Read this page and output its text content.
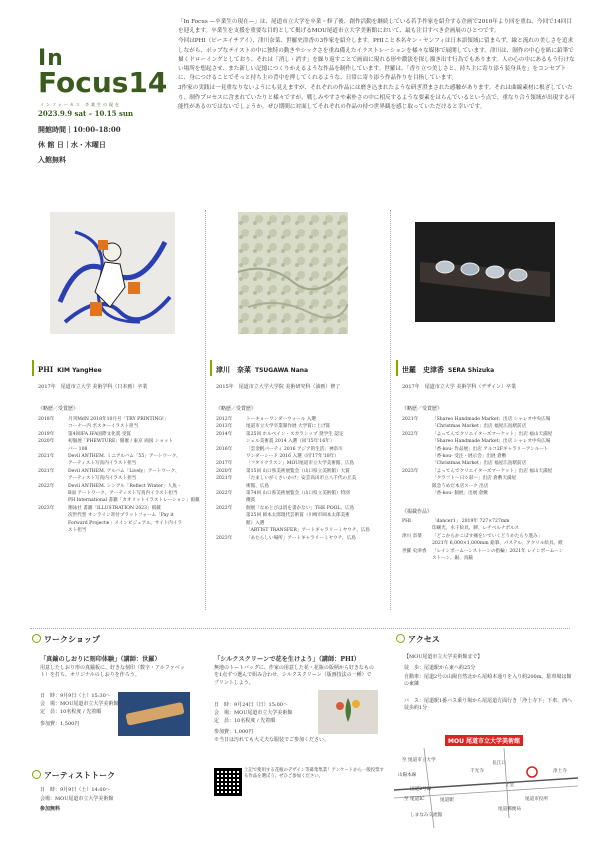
In
Focus14
インフォーカス 卒業生の現在
2023.9.9 sat – 10.15 sun
開館時間｜10:00–18:00
休 館 日｜水・木曜日
入館無料

「In Focus —卒業生の現在—」は、尾道市立大学を卒業・修了後、創作活動を継続している若手作家を紹介する企画で2010年より回を重ね、今回で14回目を迎えます。卒業生を支援を重要な目的として掲げるMOU尾道市立大学美術館において、最も注目すべき企画展のひとつです。

今回はPHI（ピーエイチアイ）、津川奈菜、世羅史津香の3作家を紹介します。PHIこと本名キン・ヤンフィは日本語領域に留まらず、線と流れの美しさを追求しながら、ポップなテイストの中に独特の動きやシックさを重ね備えたイラストレーションを様々な媒体で展開しています。津川は、制作の中心を紙に鉛筆で描くドローイングとしており、それは「消し・消す」を繰り返すことで画面に現れる形や濃淡を探し描き出す行為でもあります。人の心の中にあるもう行けない場所を想起させ、また新しい記憶につくりかえるような作品を制作しています。世羅は、「香り立つ美しさと、持ち主に寄り添う装身具を」をコンセプトに、身につけることでそっと持ち主の背中を押してくれるような、日常に寄り添う作品作りを目指しています。

3作家の実践は一見重なりないようにも見えますが、それぞれの作品には磨き込まれたような研ぎ澄まされた感触があります。それは曲線素材に根ざしていたり、制作プロセスに含まれていたりと様々ですが、戦しみやすさや素朴さの中に相反するような要素をはらんでいるという点で、重なり合う領域が出現する可能性があるのではないでしょうか。ぜひ期間に対面してそれぞれの作品の持つ世界観を感じ取っていただけると幸いです。

PHI KIM YangHee
2017年　尾道市立大学 美術学科（日本画）卒業
《略歴／受賞歴》
2018年	月刊MdN 2018年10月号「TRY PRINTING!」
	コーナー内 ポスターイラスト担当
2019年	第4回IFA IFA国際文化賞 受賞
2020年	初個展「PHEWTURE」開催 / 東京 両国 ショット
	バー 108
2021年	Devil ANTHEM. ミニアルバム「55」アートワーク、
	アーティスト写真内イラスト担当
2021年	Devil ANTHEM. アルバム「Lively」アートワーク、
	アーティスト写真内イラスト担当
2022年	Devil ANTHEM. シングル「Reflect Winter」人魚・
	B面 アートワーク、アーティスト写真内イラスト担当
	PH International 書籍「カオリットイラストレーション」掲載
2023年	翔泳社 書籍「ILLUSTRATION 2023」掲載
	次世代型 オンライン寄付プラットフォーム「Pay it
	Forward Project※」メインビジュアル、サイト内イラ
	スト担当
津川　奈菜 TSUGAWA Nana
2015年　尾道市立大学大学院 美術研究科（油画）修了
《略歴／受賞歴》
2012年	トーキョーワンダーウォール 入選
2013年	尾道市立大学卒業制作展 大学賞に上げ賞
2014年	第25回 ホルベイン・スカラシップ 奨学生 認定
	シェル美術賞 2014 入選（同'15年'16年）
2016年	「雲金帆パーティ 2016 アジア的生活」神奈川
	ワンダーシード 2016 入選（同'17年'18年）
2017年	「フタリクラスン」MOU尾道市立大学美術館、広島
2020年	第15回 山口県美術展覧会（山口県立美術館）大賞
2021年	「たましいがくさいかけ」安芸高田市立八千代の丘美
	術館、広島
2022年	第74回 山口県美術展覧会（山口県立美術館）特別
	優賞
2022年	個展「なめとびは消を書かない」THE POOL、広島
	第25回 岡本太郎現代芸術賞（川崎市岡本太郎美術
	館）入選
	「ARTIST TRANSFER」アートギャラリーミヤウチ、広島
2023年	「あたらしい場所」アートギャラリーミヤウチ、広島
世羅　史津香 SERA Shizuka
2017年　尾道市立大学 美術学科（デザイン）卒業
《略歴／受賞歴》
2021年	「Shareo Handmade Market」出店 シャレオ中央広場
	「Christmas Market」出店 福屋広島駅前店
2022年	「よってんでクリエイターズマーケット」出店 福山天満屋
	「Shareo Handmade Market」出店 シャレオ中央広場
	「香-kou- 作品展」出店 アルコ2Fギャラリーアンルート
	「香-kou- 受注・展示会」出展 倉敷
	「Christmas Market」出店 福屋広島駅前店
2023年	「よってんでクリエイターズマーケット」出店 福山天満屋
	「クラフト～日々彩～」出店 倉敷天満屋
	阪急うめだ本店スーク 出店
	「香-kou- 個展」出展 倉敷
《掲載作品》
PHI	「dancer1」 2019年 727×727mm
	印刷光、水干絵具、膠、レチベルナポルス
津川 奈菜	「どこからかこぼす痛をいでいくどうかたらり進み」
	2021年 6,000×1,000mm 鉛筆、パステル、アクリル絵具、紙
世羅 史津香	「レインボームーンストーンの指輪」2021年 レインボームーン
	ストーン、銀、真鍮
ワークショップ
「真鍮のしおりに刻印体験」（講師：世羅）
用意したしおり形の真鍮板に、好きな刻印（数字・アルファベット）を打ち、オリジナルのしおりを作ろう。
日　時：9月9日（土）15:30～
会　場：MOU尾道市立大学美術館
定　員：10名程度 / 先着順
参加費：1,500円
「シルクスクリーンで花を生けよう」（講師：PHI）
無地のトートバッグに、作家の用意した花・花瓶の版柄から好きなものを1点ずつ選んで組み合わせ、シルクスクリーン（版画技法の一種）でプリントしよう。
日　時：9月24日（日）15:00～
会　場：MOU尾道市立大学美術館
定　員：10名程度 / 先着順
参加費：1,000円
※当日は汚れても大丈夫な服装でご参加ください。
上記で使用する花瓶のデザイン等募集集業！アンケートから一般投票する作品を選ぼう。ぜひご参加ください。
アーティストトーク
日　時：9月9日（土）14:00～
会場：MOU尾道市立大学美術館
参加無料
アクセス
【MOU尾道市立大学美術館まで】
徒　歩：尾道駅から東へ約25分
自動車：尾道2号の山陽自然北から尾崎本通りを入り約200m。駐車場は館の東隣
バ　ス：尾道駅1番バス乗り場から尾尾道方面行き「浄土寺下」下車、西へ徒歩約1分
MOU 尾道市立大学美術館
至 尾道市立大学
山陽本線
至 尾道IC
千光寺
長江口
尾道駅
土堂
浄土寺
尾道郵便局
尾道市役所
しまなみ交流館
国道2号線
